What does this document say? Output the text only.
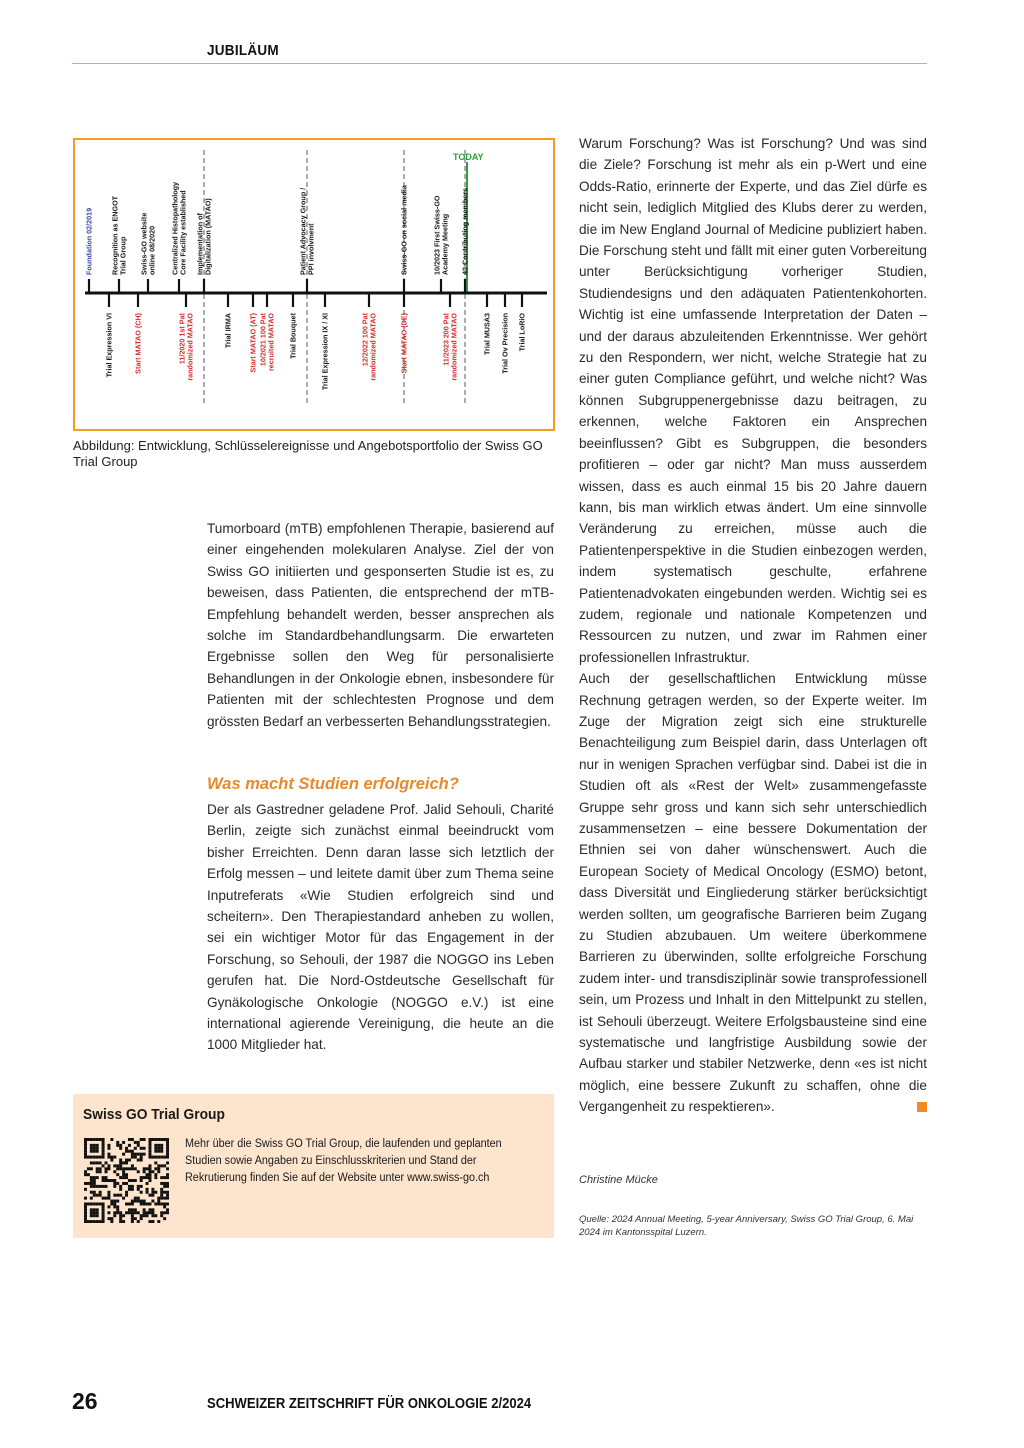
JUBILÄUM
Foundation 02/2019 Recognition as ENGOTTrial Group Swiss-GO websiteonline 08/2020 Centralized HistopathologyCore Facility established Implementation ofDigitalization (MATAO)	Patient Advocacy Group /PPI involvment	Swiss-GO on social media	10/2023 First Swiss-GOAcademy Meeting 43 Contributing members
Trial Expression VI	Start MATAO (CH)	11/2020 1st Patrandomized MATAO	Trial IRMA Start MATAO (AT) 10/2021 100 Patrecruited MATAO Trial Bouquet	Trial Expression IX / XI	12/2022 100 Patrandomized MATAO	Start MATAO (DE)	11/2023 200 Patrandomized MATAO	Trial MUSA3 Trial Ov Precision Trial LoRiO
TODAY
Abbildung: Entwicklung, Schlüsselereignisse und Angebotsportfolio der Swiss GO Trial Group
Tumorboard (mTB) empfohlenen Therapie, basierend auf einer eingehenden molekularen Analyse. Ziel der von Swiss GO initiierten und gesponserten Studie ist es, zu beweisen, dass Patienten, die entsprechend der mTB-Empfehlung behandelt werden, besser ansprechen als solche im Standardbehandlungsarm. Die erwarteten Ergebnisse sollen den Weg für personalisierte Behandlungen in der Onkologie ebnen, insbesondere für Patienten mit der schlechtesten Prognose und dem grössten Bedarf an verbesserten Behandlungsstrategien.
Was macht Studien erfolgreich?
Der als Gastredner geladene Prof. Jalid Sehouli, Charité Berlin, zeigte sich zunächst einmal beeindruckt vom bisher Erreichten. Denn daran lasse sich letztlich der Erfolg messen – und leitete damit über zum Thema seine Inputreferats «Wie Studien erfolgreich sind und scheitern». Den Therapiestandard anheben zu wollen, sei ein wichtiger Motor für das Engagement in der Forschung, so Sehouli, der 1987 die NOGGO ins Leben gerufen hat. Die Nord-Ostdeutsche Gesellschaft für Gynäkologische Onkologie (NOGGO e.V.) ist eine international agierende Vereinigung, die heute an die 1000 Mitglieder hat.

Warum Forschung? Was ist Forschung? Und was sind die Ziele? Forschung ist mehr als ein p-Wert und eine Odds-Ratio, erinnerte der Experte, und das Ziel dürfe es nicht sein, lediglich Mitglied des Klubs derer zu werden, die im New England Journal of Medicine publiziert haben. Die Forschung steht und fällt mit einer guten Vorbereitung unter Berücksichtigung vorheriger Studien, Studiendesigns und den adäquaten Patientenkohorten. Wichtig ist eine umfassende Interpretation der Daten – und der daraus abzuleitenden Erkenntnisse. Wer gehört zu den Respondern, wer nicht, welche Strategie hat zu einer guten Compliance geführt, und welche nicht? Was können Subgruppenergebnisse dazu beitragen, zu erkennen, welche Faktoren ein Ansprechen beeinflussen? Gibt es Subgruppen, die besonders profitieren – oder gar nicht? Man muss ausserdem wissen, dass es auch einmal 15 bis 20 Jahre dauern kann, bis man wirklich etwas ändert. Um eine sinnvolle Veränderung zu erreichen, müsse auch die Patientenperspektive in die Studien einbezogen werden, indem systematisch geschulte, erfahrene Patientenadvokaten eingebunden werden. Wichtig sei es zudem, regionale und nationale Kompetenzen und Ressourcen zu nutzen, und zwar im Rahmen einer professionellen Infrastruktur.

Auch der gesellschaftlichen Entwicklung müsse Rechnung getragen werden, so der Experte weiter. Im Zuge der Migration zeigt sich eine strukturelle Benachteiligung zum Beispiel darin, dass Unterlagen oft nur in wenigen Sprachen verfügbar sind. Dabei ist die in Studien oft als «Rest der Welt» zusammengefasste Gruppe sehr gross und kann sich sehr unterschiedlich zusammensetzen – eine bessere Dokumentation der Ethnien sei von daher wünschenswert. Auch die European Society of Medical Oncology (ESMO) betont, dass Diversität und Eingliederung stärker berücksichtigt werden sollten, um geografische Barrieren beim Zugang zu Studien abzubauen. Um weitere überkommene Barrieren zu überwinden, sollte erfolgreiche Forschung zudem inter- und transdisziplinär sowie transprofessionell sein, um Prozess und Inhalt in den Mittelpunkt zu stellen, ist Sehouli überzeugt. Weitere Erfolgsbausteine sind eine systematische und langfristige Ausbildung sowie der Aufbau starker und stabiler Netzwerke, denn «es ist nicht möglich, eine bessere Zukunft zu schaffen, ohne die Vergangenheit zu respektieren».

Christine Mücke
Quelle: 2024 Annual Meeting, 5-year Anniversary, Swiss GO Trial Group, 6. Mai 2024 im Kantonsspital Luzern.
Swiss GO Trial Group
Mehr über die Swiss GO Trial Group, die laufenden und geplanten Studien sowie Angaben zu Einschlusskriterien und Stand der Rekrutierung finden Sie auf der Website unter www.swiss-go.ch
26	SCHWEIZER ZEITSCHRIFT FÜR ONKOLOGIE 2/2024
